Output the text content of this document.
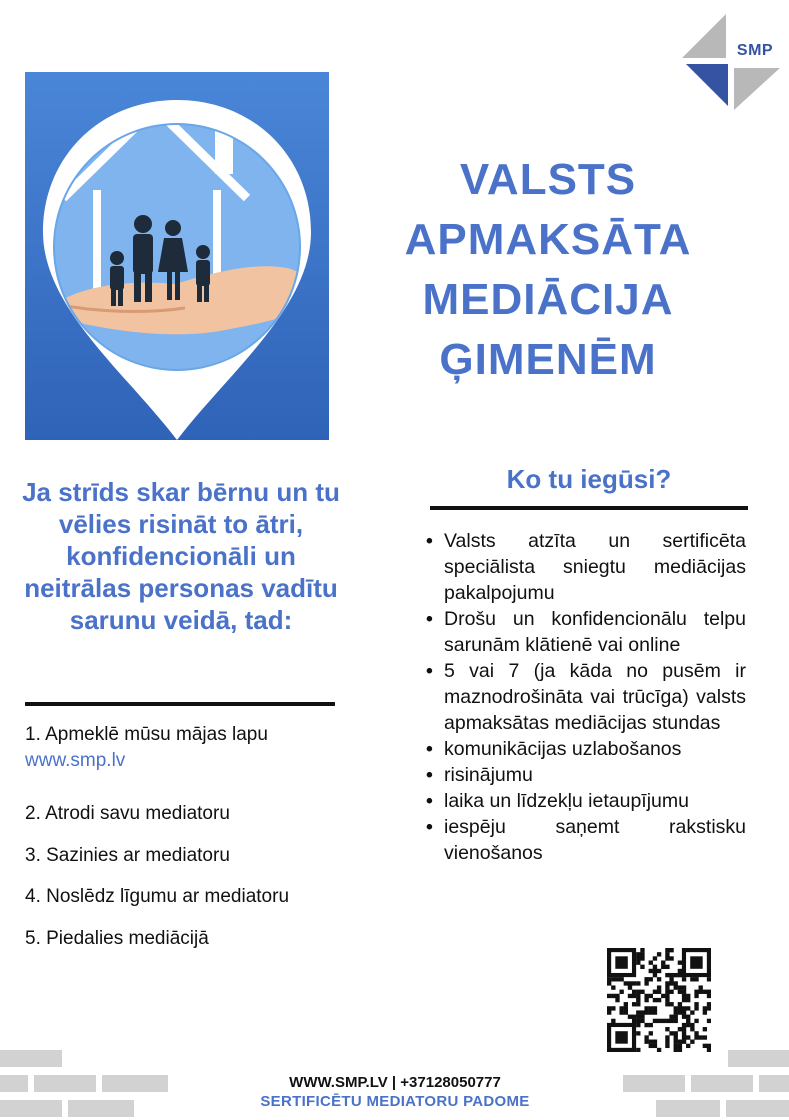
SMP
VALSTS
APMAKSĀTA
MEDIĀCIJA
ĢIMENĒM
Ja strīds skar bērnu un tu vēlies risināt to ātri, konfidencionāli un neitrālas personas vadītu sarunu veidā, tad:
1. Apmeklē mūsu mājas lapu
www.smp.lv
2. Atrodi savu mediatoru
3. Sazinies ar mediatoru
4. Noslēdz līgumu ar mediatoru
5. Piedalies mediācijā
Ko tu iegūsi?
• Valsts atzīta un sertificēta speciālista sniegtu mediācijas pakalpojumu
• Drošu un konfidencionālu telpu sarunām klātienē vai online
• 5 vai 7 (ja kāda no pusēm ir maznodrošināta vai trūcīga) valsts apmaksātas mediācijas stundas
• komunikācijas uzlabošanos
• risinājumu
• laika un līdzekļu ietaupījumu
• iespēju saņemt rakstisku vienošanos
WWW.SMP.LV | +37128050777
SERTIFICĒTU MEDIATORU PADOME
